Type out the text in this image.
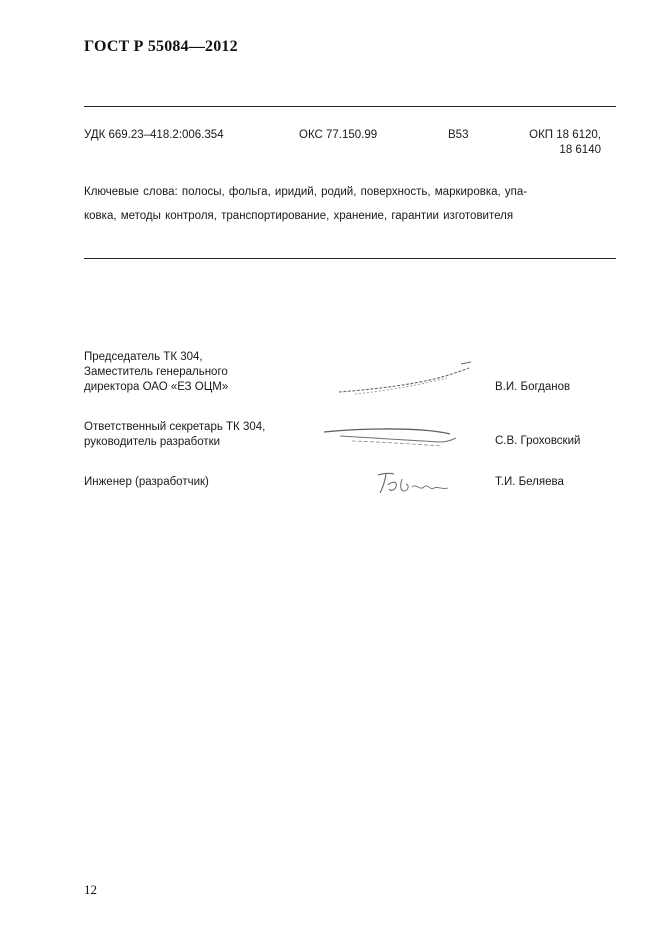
ГОСТ Р 55084—2012
УДК 669.23–418.2:006.354	ОКС 77.150.99	В53	ОКП 18 6120,
18 6140
Ключевые слова: полосы, фольга, иридий, родий, поверхность, маркировка, упа-
ковка, методы контроля, транспортирование, хранение, гарантии изготовителя
Председатель ТК 304,
Заместитель генерального
директора ОАО «ЕЗ ОЦМ»	В.И. Богданов
Ответственный секретарь ТК 304,
руководитель разработки	С.В. Гроховский
Инженер (разработчик)	Т.И. Беляева
12
